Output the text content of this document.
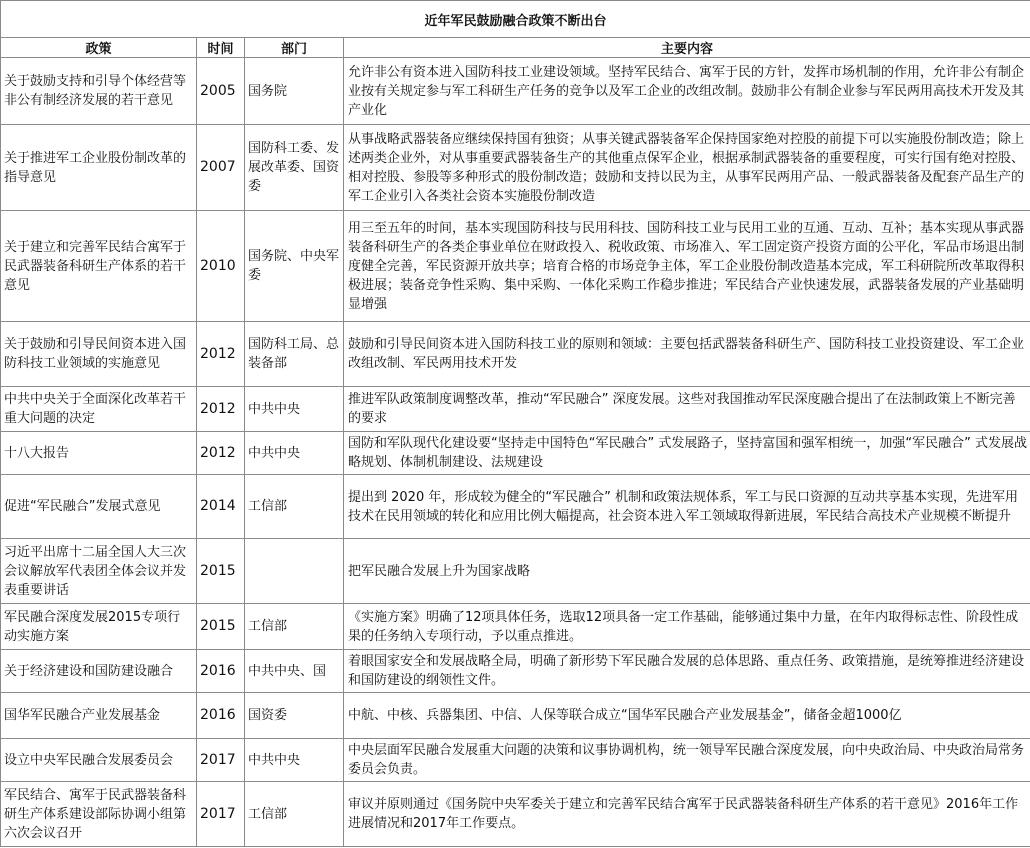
近年军民鼓励融合政策不断出台			
政策	时间	部门	主要内容
关于鼓励支持和引导个体经营等非公有制经济发展的若干意见	2005	国务院	允许非公有资本进入国防科技工业建设领域。坚持军民结合、寓军于民的方针，发挥市场机制的作用，允许非公有制企业按有关规定参与军工科研生产任务的竞争以及军工企业的改组改制。鼓励非公有制企业参与军民两用高技术开发及其产业化
关于推进军工企业股份制改革的指导意见	2007	国防科工委、发展改革委、国资委	从事战略武器装备应继续保持国有独资；从事关键武器装备军企保持国家绝对控股的前提下可以实施股份制改造；除上述两类企业外，对从事重要武器装备生产的其他重点保军企业，根据承制武器装备的重要程度，可实行国有绝对控股、相对控股、参股等多种形式的股份制改造；鼓励和支持以民为主，从事军民两用产品、一般武器装备及配套产品生产的军工企业引入各类社会资本实施股份制改造
关于建立和完善军民结合寓军于民武器装备科研生产体系的若干意见	2010	国务院、中央军委	用三至五年的时间，基本实现国防科技与民用科技、国防科技工业与民用工业的互通、互动、互补；基本实现从事武器装备科研生产的各类企事业单位在财政投入、税收政策、市场准入、军工固定资产投资方面的公平化，军品市场退出制度健全完善，军民资源开放共享；培育合格的市场竞争主体，军工企业股份制改造基本完成，军工科研院所改革取得积极进展；装备竞争性采购、集中采购、一体化采购工作稳步推进；军民结合产业快速发展，武器装备发展的产业基础明显增强
关于鼓励和引导民间资本进入国防科技工业领域的实施意见	2012	国防科工局、总装备部	鼓励和引导民间资本进入国防科技工业的原则和领域：主要包括武器装备科研生产、国防科技工业投资建设、军工企业改组改制、军民两用技术开发
中共中央关于全面深化改革若干重大问题的决定	2012	中共中央	推进军队政策制度调整改革，推动“军民融合” 深度发展。这些对我国推动军民深度融合提出了在法制政策上不断完善的要求
十八大报告	2012	中共中央	国防和军队现代化建设要“坚持走中国特色“军民融合” 式发展路子，坚持富国和强军相统一，加强“军民融合” 式发展战略规划、体制机制建设、法规建设
促进“军民融合”发展式意见	2014	工信部	提出到 2020 年，形成较为健全的“军民融合” 机制和政策法规体系，军工与民口资源的互动共享基本实现，先进军用技术在民用领域的转化和应用比例大幅提高，社会资本进入军工领域取得新进展，军民结合高技术产业规模不断提升
习近平出席十二届全国人大三次会议解放军代表团全体会议并发表重要讲话	2015		把军民融合发展上升为国家战略
军民融合深度发展2015专项行动实施方案	2015	工信部	《实施方案》明确了12项具体任务，选取12项具备一定工作基础，能够通过集中力量，在年内取得标志性、阶段性成果的任务纳入专项行动，予以重点推进。
关于经济建设和国防建设融合	2016	中共中央、国	着眼国家安全和发展战略全局，明确了新形势下军民融合发展的总体思路、重点任务、政策措施，是统筹推进经济建设和国防建设的纲领性文件。
国华军民融合产业发展基金	2016	国资委	中航、中核、兵器集团、中信、人保等联合成立“国华军民融合产业发展基金”，储备金超1000亿
设立中央军民融合发展委员会	2017	中共中央	中央层面军民融合发展重大问题的决策和议事协调机构，统一领导军民融合深度发展，向中央政治局、中央政治局常务委员会负责。
军民结合、寓军于民武器装备科研生产体系建设部际协调小组第六次会议召开	2017	工信部	审议并原则通过《国务院中央军委关于建立和完善军民结合寓军于民武器装备科研生产体系的若干意见》2016年工作进展情况和2017年工作要点。
